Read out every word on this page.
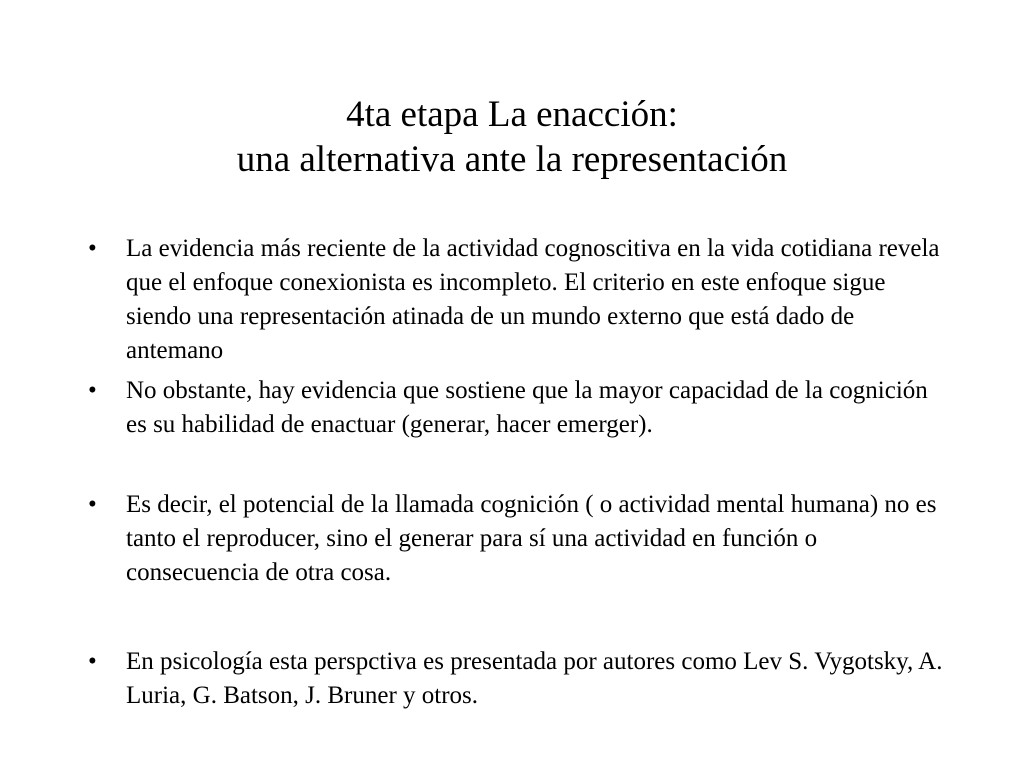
4ta etapa La enacción:
una alternativa ante la representación
•	La evidencia más reciente de la actividad cognoscitiva en la vida cotidiana revela que el enfoque conexionista es incompleto. El criterio en este enfoque sigue siendo una representación atinada de un mundo externo que está dado de antemano
•	No obstante, hay evidencia que sostiene que la mayor capacidad de la cognición es su habilidad de enactuar (generar, hacer emerger).
•	Es decir, el potencial de la llamada cognición ( o actividad mental humana) no es tanto el reproducer, sino el generar para sí una actividad en función o consecuencia de otra cosa.
•	En psicología esta perspctiva es presentada por autores como Lev S. Vygotsky, A. Luria, G. Batson, J. Bruner y otros.
